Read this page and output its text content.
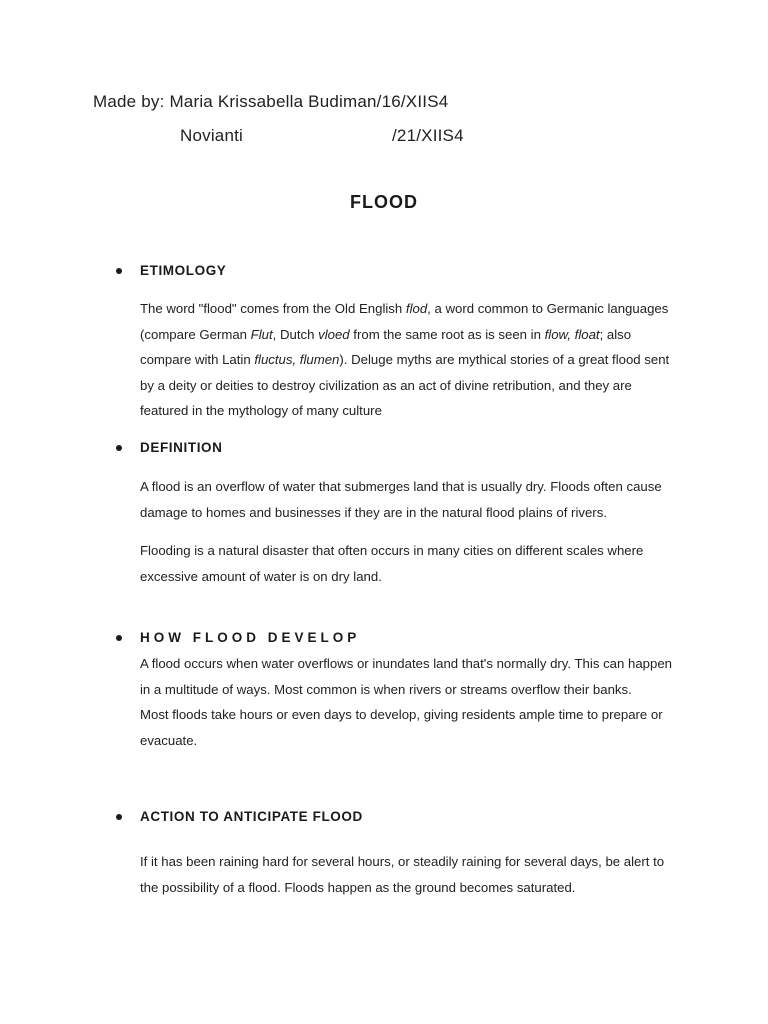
Made by: Maria Krissabella Budiman/16/XIIS4
Novianti	/21/XIIS4
FLOOD
ETIMOLOGY

The word "flood" comes from the Old English flod, a word common to Germanic languages (compare German Flut, Dutch vloed from the same root as is seen in flow, float; also compare with Latin fluctus, flumen). Deluge myths are mythical stories of a great flood sent by a deity or deities to destroy civilization as an act of divine retribution, and they are featured in the mythology of many culture

DEFINITION

A flood is an overflow of water that submerges land that is usually dry. Floods often cause damage to homes and businesses if they are in the natural flood plains of rivers.

Flooding is a natural disaster that often occurs in many cities on different scales where excessive amount of water is on dry land.

HOW FLOOD DEVELOP

A flood occurs when water overflows or inundates land that's normally dry. This can happen in a multitude of ways. Most common is when rivers or streams overflow their banks.

Most floods take hours or even days to develop, giving residents ample time to prepare or evacuate.

ACTION TO ANTICIPATE FLOOD

If it has been raining hard for several hours, or steadily raining for several days, be alert to the possibility of a flood. Floods happen as the ground becomes saturated.
